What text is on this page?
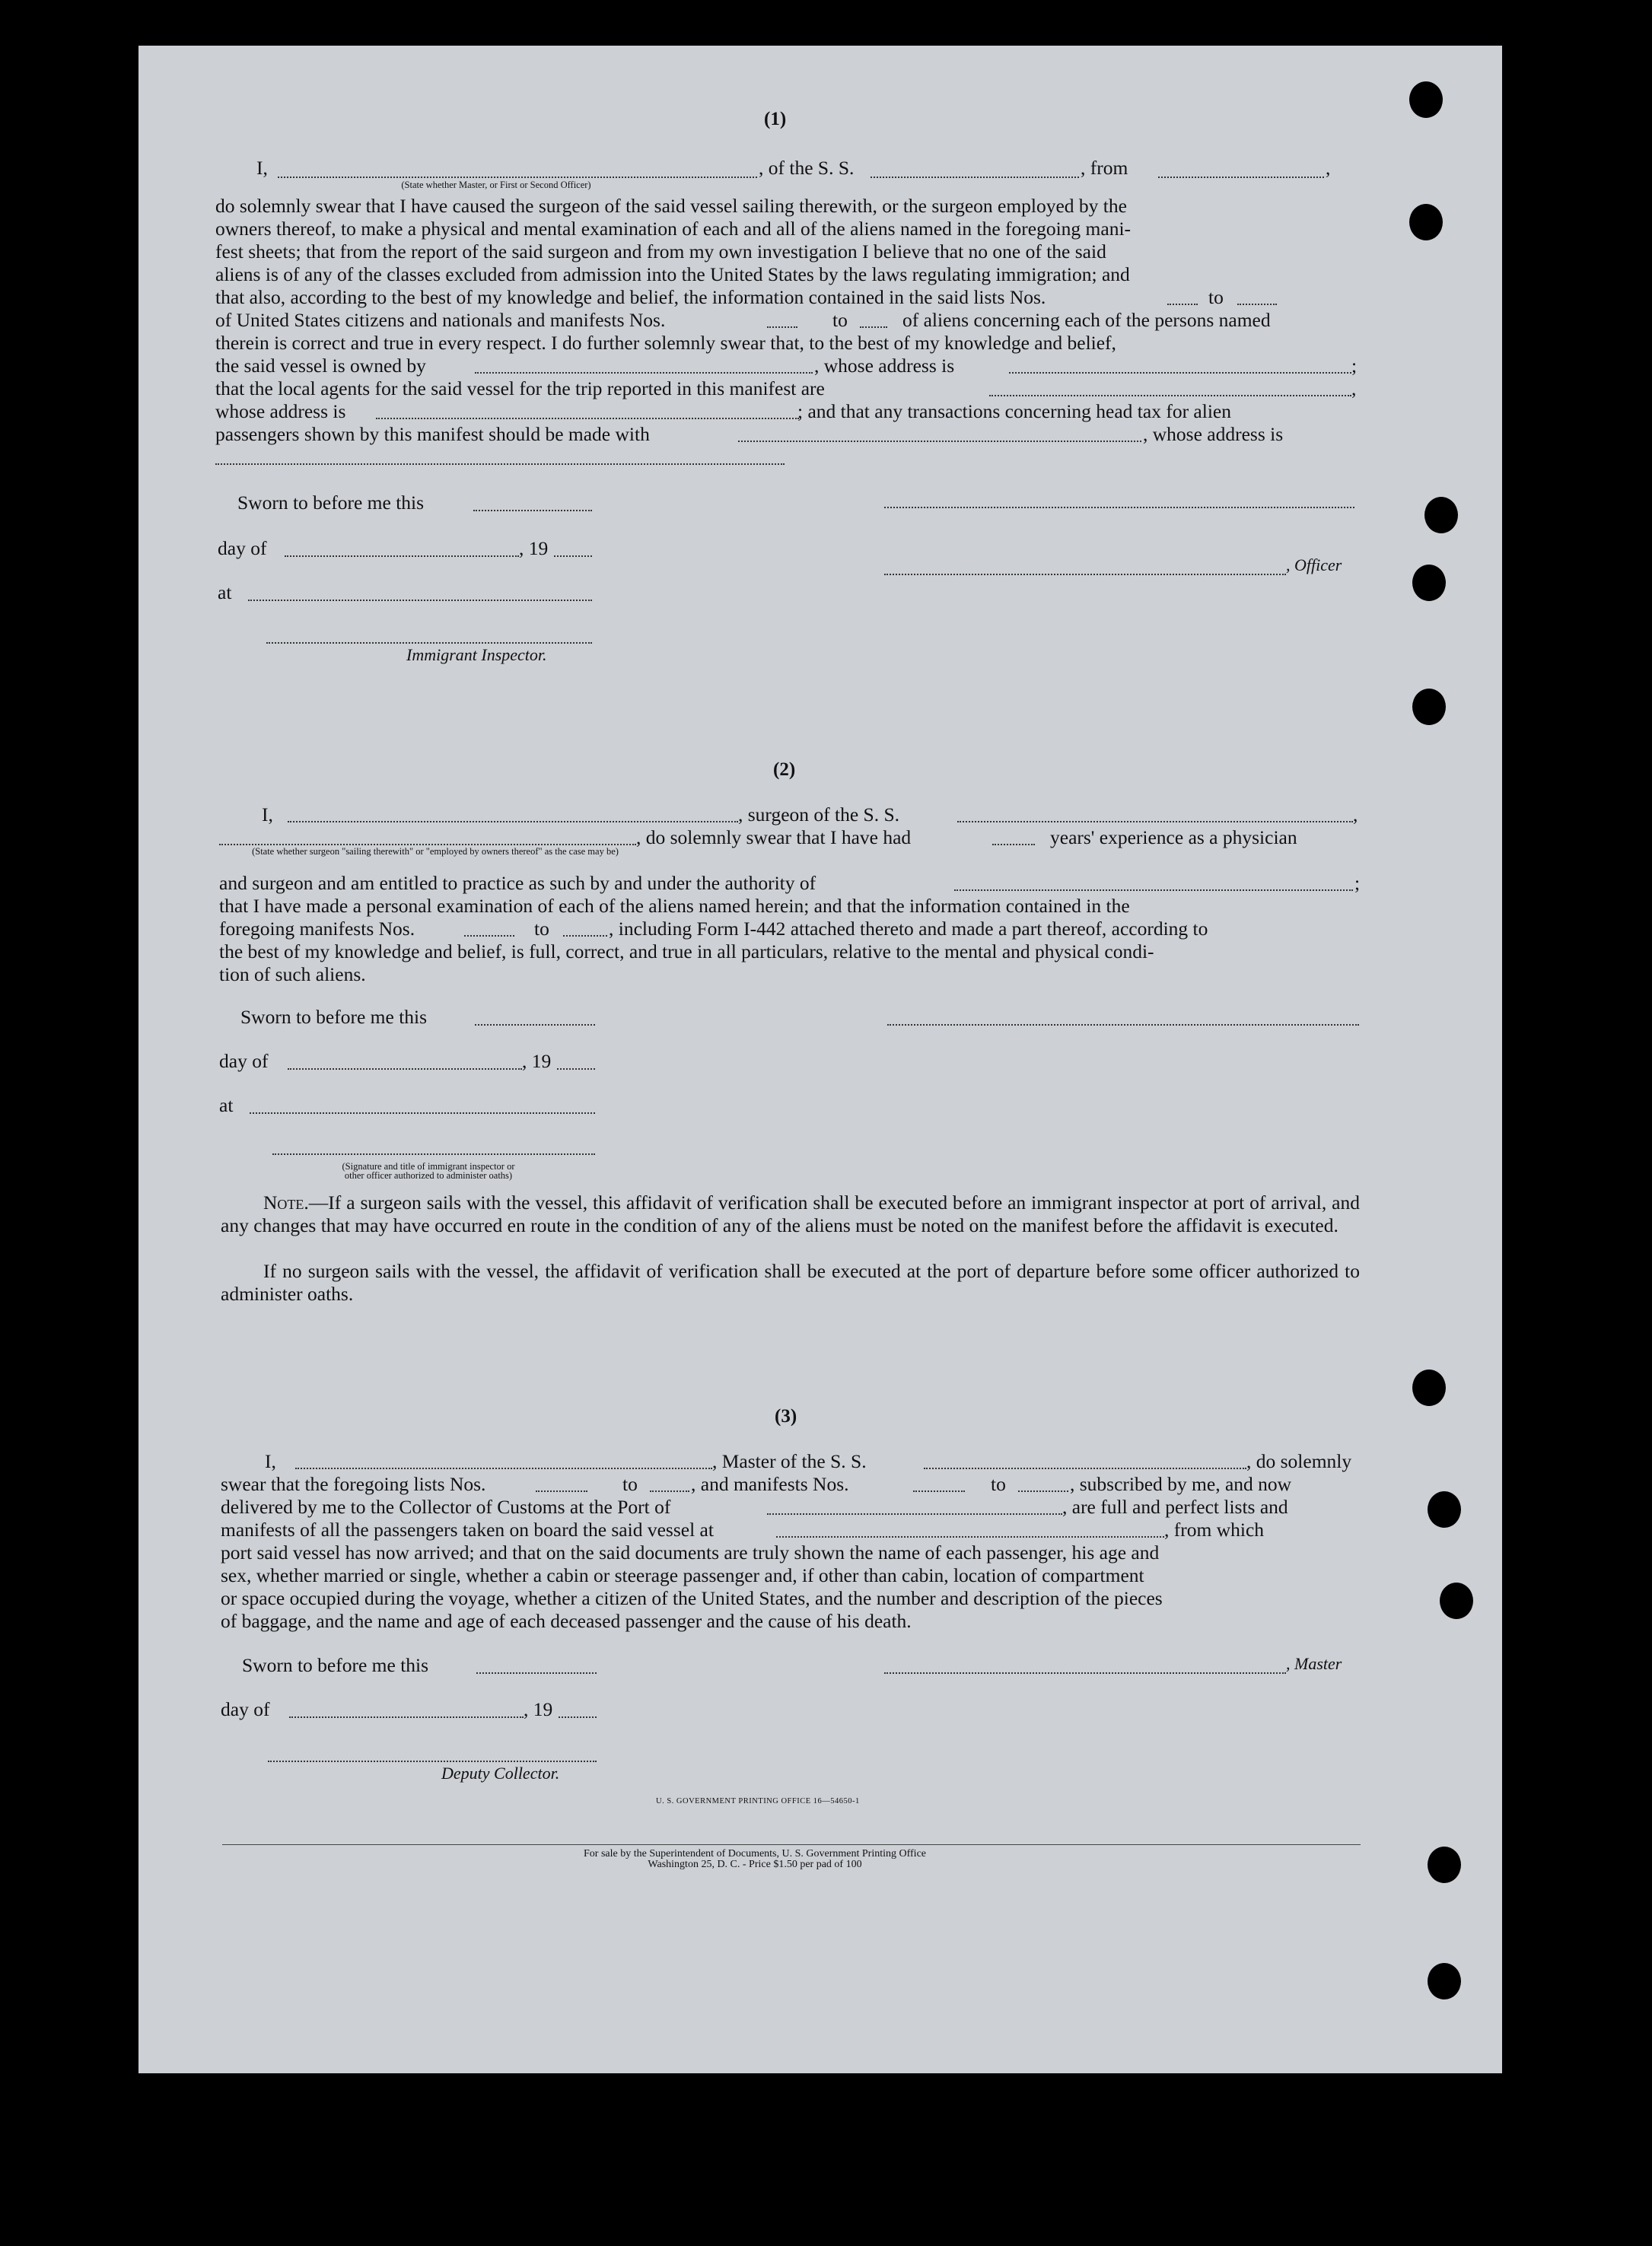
(1)
I,	, of the S. S.	, from	,
(State whether Master, or First or Second Officer)
do solemnly swear that I have caused the surgeon of the said vessel sailing therewith, or the surgeon employed by the
owners thereof, to make a physical and mental examination of each and all of the aliens named in the foregoing mani-
fest sheets; that from the report of the said surgeon and from my own investigation I believe that no one of the said
aliens is of any of the classes excluded from admission into the United States by the laws regulating immigration; and
that also, according to the best of my knowledge and belief, the information contained in the said lists Nos.	to
of United States citizens and nationals and manifests Nos.	to	of aliens concerning each of the persons named
therein is correct and true in every respect. I do further solemnly swear that, to the best of my knowledge and belief,
the said vessel is owned by	, whose address is	;
that the local agents for the said vessel for the trip reported in this manifest are	,
whose address is	; and that any transactions concerning head tax for alien
passengers shown by this manifest should be made with	, whose address is
Sworn to before me this
day of	, 19
at
Immigrant Inspector.
, Officer
(2)
I,	, surgeon of the S. S.	,
, do solemnly swear that I have had	years' experience as a physician
(State whether surgeon "sailing therewith" or "employed by owners thereof" as the case may be)
and surgeon and am entitled to practice as such by and under the authority of	;
that I have made a personal examination of each of the aliens named herein; and that the information contained in the
foregoing manifests Nos.	to	, including Form I-442 attached thereto and made a part thereof, according to
the best of my knowledge and belief, is full, correct, and true in all particulars, relative to the mental and physical condi-
tion of such aliens.
Sworn to before me this
day of	, 19
at
(Signature and title of immigrant inspector or
other officer authorized to administer oaths)
Note.—If a surgeon sails with the vessel, this affidavit of verification shall be executed before an immigrant inspector at port of arrival, and any changes that may have occurred en route in the condition of any of the aliens must be noted on the manifest before the affidavit is executed.
If no surgeon sails with the vessel, the affidavit of verification shall be executed at the port of departure before some officer authorized to administer oaths.
(3)
I,	, Master of the S. S.	, do solemnly
swear that the foregoing lists Nos.	to	, and manifests Nos.	to	, subscribed by me, and now
delivered by me to the Collector of Customs at the Port of	, are full and perfect lists and
manifests of all the passengers taken on board the said vessel at	, from which
port said vessel has now arrived; and that on the said documents are truly shown the name of each passenger, his age and
sex, whether married or single, whether a cabin or steerage passenger and, if other than cabin, location of compartment
or space occupied during the voyage, whether a citizen of the United States, and the number and description of the pieces
of baggage, and the name and age of each deceased passenger and the cause of his death.
Sworn to before me this
day of	, 19
Deputy Collector.
, Master
U. S. GOVERNMENT PRINTING OFFICE 16—54650-1
For sale by the Superintendent of Documents, U. S. Government Printing Office
Washington 25, D. C. - Price $1.50 per pad of 100
